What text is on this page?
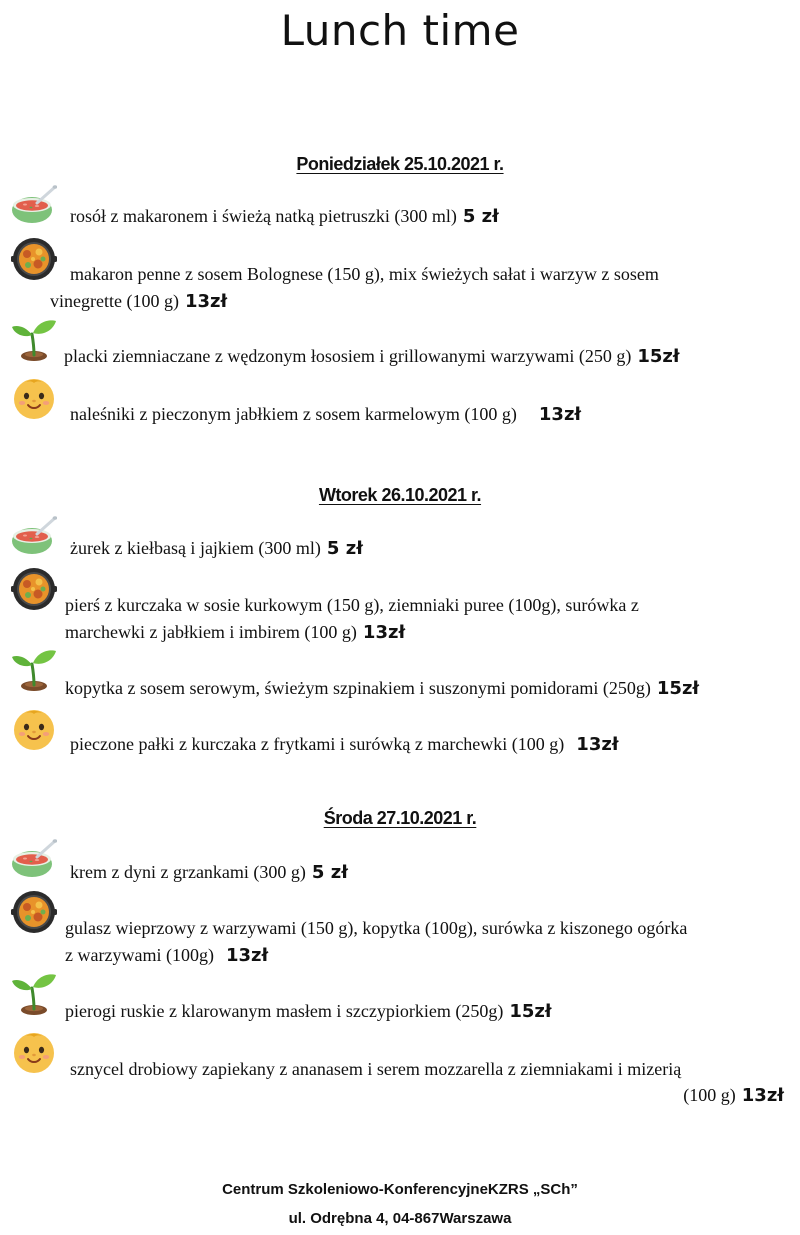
Lunch time
Poniedziałek 25.10.2021 r.
rosół z makaronem i świeżą natką pietruszki (300 ml) 5 zł
makaron penne z sosem Bolognese (150 g), mix świeżych sałat i warzyw z sosem
vinegrette (100 g) 13zł
placki ziemniaczane z wędzonym łososiem i grillowanymi warzywami (250 g) 15zł
naleśniki z pieczonym jabłkiem z sosem karmelowym (100 g) 13zł
Wtorek 26.10.2021 r.
żurek z kiełbasą i jajkiem (300 ml) 5 zł
pierś z kurczaka w sosie kurkowym (150 g), ziemniaki puree (100g), surówka z
marchewki z jabłkiem i imbirem (100 g) 13zł
kopytka z sosem serowym, świeżym szpinakiem i suszonymi pomidorami (250g) 15zł
pieczone pałki z kurczaka z frytkami i surówką z marchewki (100 g) 13zł
Środa 27.10.2021 r.
krem z dyni z grzankami (300 g) 5 zł
gulasz wieprzowy z warzywami (150 g), kopytka (100g), surówka z kiszonego ogórka
z warzywami (100g) 13zł
pierogi ruskie z klarowanym masłem i szczypiorkiem (250g) 15zł
sznycel drobiowy zapiekany z ananasem i serem mozzarella z ziemniakami i mizerią
(100 g) 13zł
Centrum Szkoleniowo-KonferencyjneKZRS „SCh”
ul. Odrębna 4, 04-867Warszawa
